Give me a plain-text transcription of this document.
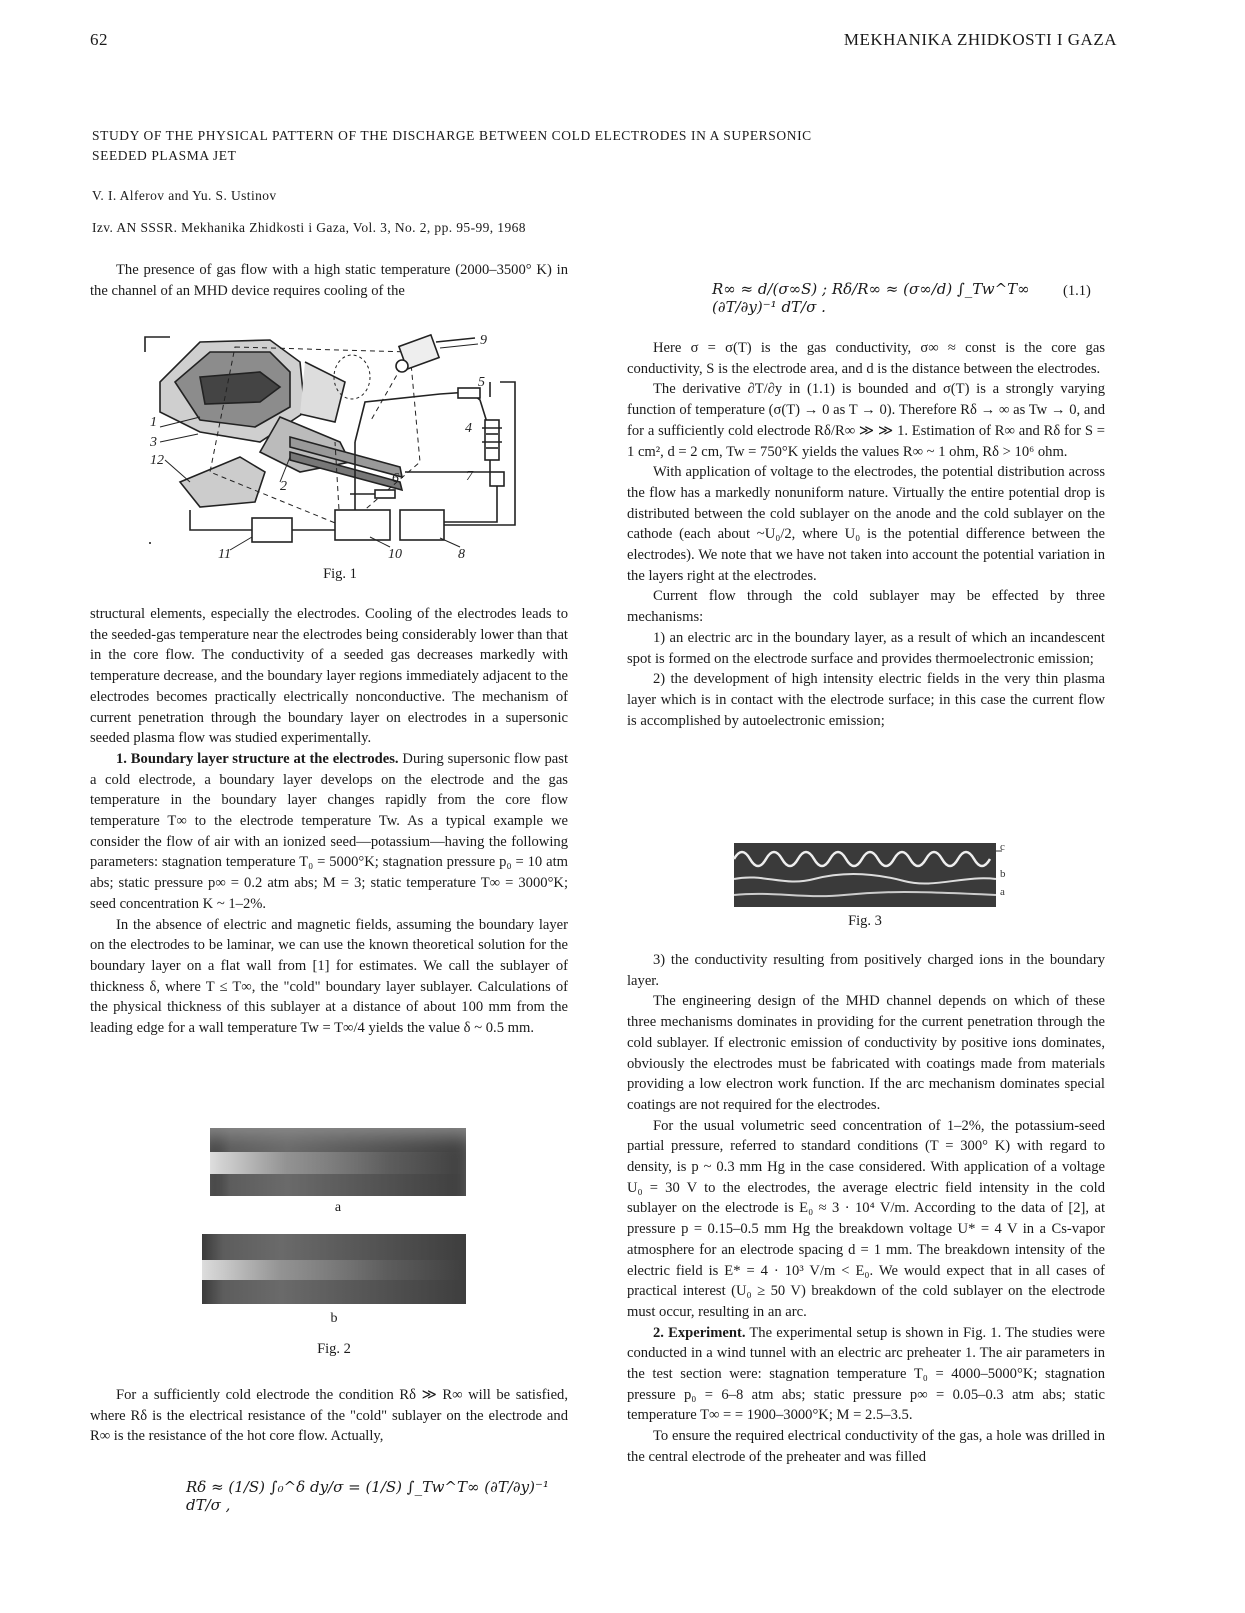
62	MEKHANIKA ZHIDKOSTI I GAZA
STUDY OF THE PHYSICAL PATTERN OF THE DISCHARGE BETWEEN COLD ELECTRODES IN A SUPERSONIC SEEDED PLASMA JET
V. I. Alferov and Yu. S. Ustinov
Izv. AN SSSR. Mekhanika Zhidkosti i Gaza, Vol. 3, No. 2, pp. 95-99, 1968

The presence of gas flow with a high static temperature (2000–3500° K) in the channel of an MHD device requires cooling of the

9
5
4
7
6
1
3
12
2
11	10	8
Fig. 1

structural elements, especially the electrodes. Cooling of the electrodes leads to the seeded-gas temperature near the electrodes being considerably lower than that in the core flow. The conductivity of a seeded gas decreases markedly with temperature decrease, and the boundary layer regions immediately adjacent to the electrodes becomes practically electrically nonconductive. The mechanism of current penetration through the boundary layer on electrodes in a supersonic seeded plasma flow was studied experimentally.

1. Boundary layer structure at the electrodes. During supersonic flow past a cold electrode, a boundary layer develops on the electrode and the gas temperature in the boundary layer changes rapidly from the core flow temperature T∞ to the electrode temperature Tw. As a typical example we consider the flow of air with an ionized seed—potassium—having the following parameters: stagnation temperature T₀ = 5000°K; stagnation pressure p₀ = 10 atm abs; static pressure p∞ = 0.2 atm abs; M = 3; static temperature T∞ = 3000°K; seed concentration K ~ 1–2%.

In the absence of electric and magnetic fields, assuming the boundary layer on the electrodes to be laminar, we can use the known theoretical solution for the boundary layer on a flat wall from [1] for estimates. We call the sublayer of thickness δ, where T ≤ T∞, the "cold" boundary layer sublayer. Calculations of the physical thickness of this sublayer at a distance of about 100 mm from the leading edge for a wall temperature Tw = T∞/4 yields the value δ ~ 0.5 mm.

a
b
Fig. 2

For a sufficiently cold electrode the condition Rδ ≫ R∞ will be satisfied, where Rδ is the electrical resistance of the "cold" sublayer on the electrode and R∞ is the resistance of the hot core flow. Actually,

Rδ ≈ (1/S) ∫₀^δ dy/σ = (1/S) ∫_Tw^T∞ (∂T/∂y)⁻¹ dT/σ ,
R∞ ≈ d/(σ∞S) ; Rδ/R∞ ≈ (σ∞/d) ∫_Tw^T∞ (∂T/∂y)⁻¹ dT/σ .
(1.1)

Here σ = σ(T) is the gas conductivity, σ∞ ≈ const is the core gas conductivity, S is the electrode area, and d is the distance between the electrodes.

The derivative ∂T/∂y in (1.1) is bounded and σ(T) is a strongly varying function of temperature (σ(T) → 0 as T → 0). Therefore Rδ → ∞ as Tw → 0, and for a sufficiently cold electrode Rδ/R∞ ≫ ≫ 1. Estimation of R∞ and Rδ for S = 1 cm², d = 2 cm, Tw = 750°K yields the values R∞ ~ 1 ohm, Rδ > 10⁶ ohm.

With application of voltage to the electrodes, the potential distribution across the flow has a markedly nonuniform nature. Virtually the entire potential drop is distributed between the cold sublayer on the anode and the cold sublayer on the cathode (each about ~U₀/2, where U₀ is the potential difference between the electrodes). We note that we have not taken into account the potential variation in the layers right at the electrodes.

Current flow through the cold sublayer may be effected by three mechanisms:

1) an electric arc in the boundary layer, as a result of which an incandescent spot is formed on the electrode surface and provides thermoelectronic emission;

2) the development of high intensity electric fields in the very thin plasma layer which is in contact with the electrode surface; in this case the current flow is accomplished by autoelectronic emission;

c
b
a
Fig. 3

3) the conductivity resulting from positively charged ions in the boundary layer.

The engineering design of the MHD channel depends on which of these three mechanisms dominates in providing for the current penetration through the cold sublayer. If electronic emission of conductivity by positive ions dominates, obviously the electrodes must be fabricated with coatings made from materials providing a low electron work function. If the arc mechanism dominates special coatings are not required for the electrodes.

For the usual volumetric seed concentration of 1–2%, the potassium-seed partial pressure, referred to standard conditions (T = 300° K) with regard to density, is p ~ 0.3 mm Hg in the case considered. With application of a voltage U₀ = 30 V to the electrodes, the average electric field intensity in the cold sublayer on the electrode is E₀ ≈ 3 · 10⁴ V/m. According to the data of [2], at pressure p = 0.15–0.5 mm Hg the breakdown voltage U* = 4 V in a Cs-vapor atmosphere for an electrode spacing d = 1 mm. The breakdown intensity of the electric field is E* = 4 · 10³ V/m < E₀. We would expect that in all cases of practical interest (U₀ ≥ 50 V) breakdown of the cold sublayer on the electrode must occur, resulting in an arc.

2. Experiment. The experimental setup is shown in Fig. 1. The studies were conducted in a wind tunnel with an electric arc preheater 1. The air parameters in the test section were: stagnation temperature T₀ = 4000–5000°K; stagnation pressure p₀ = 6–8 atm abs; static pressure p∞ = 0.05–0.3 atm abs; static temperature T∞ = = 1900–3000°K; M = 2.5–3.5.

To ensure the required electrical conductivity of the gas, a hole was drilled in the central electrode of the preheater and was filled
